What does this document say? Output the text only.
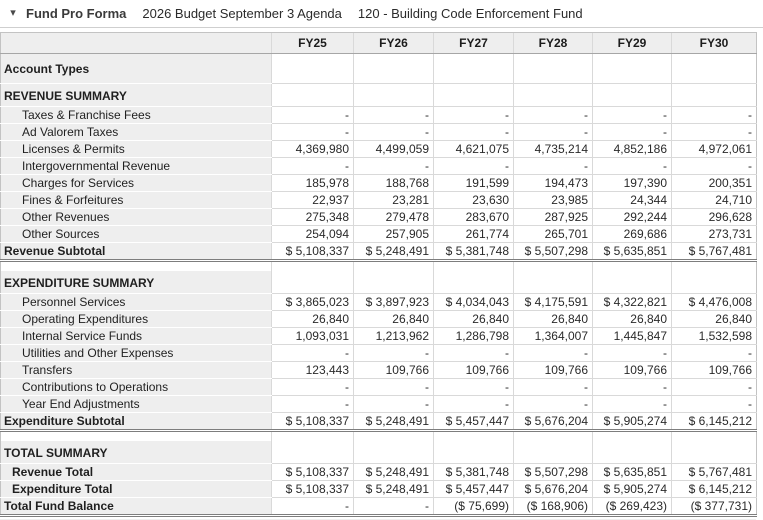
▾ Fund Pro Forma 2026 Budget September 3 Agenda 120 - Building Code Enforcement Fund
	FY25	FY26	FY27	FY28	FY29	FY30
Account Types						
REVENUE SUMMARY						
Taxes & Franchise Fees	-	-	-	-	-	-
Ad Valorem Taxes	-	-	-	-	-	-
Licenses & Permits	4,369,980	4,499,059	4,621,075	4,735,214	4,852,186	4,972,061
Intergovernmental Revenue	-	-	-	-	-	-
Charges for Services	185,978	188,768	191,599	194,473	197,390	200,351
Fines & Forfeitures	22,937	23,281	23,630	23,985	24,344	24,710
Other Revenues	275,348	279,478	283,670	287,925	292,244	296,628
Other Sources	254,094	257,905	261,774	265,701	269,686	273,731
Revenue Subtotal	$ 5,108,337	$ 5,248,491	$ 5,381,748	$ 5,507,298	$ 5,635,851	$ 5,767,481

EXPENDITURE SUMMARY						
Personnel Services	$ 3,865,023	$ 3,897,923	$ 4,034,043	$ 4,175,591	$ 4,322,821	$ 4,476,008
Operating Expenditures	26,840	26,840	26,840	26,840	26,840	26,840
Internal Service Funds	1,093,031	1,213,962	1,286,798	1,364,007	1,445,847	1,532,598
Utilities and Other Expenses	-	-	-	-	-	-
Transfers	123,443	109,766	109,766	109,766	109,766	109,766
Contributions to Operations	-	-	-	-	-	-
Year End Adjustments	-	-	-	-	-	-
Expenditure Subtotal	$ 5,108,337	$ 5,248,491	$ 5,457,447	$ 5,676,204	$ 5,905,274	$ 6,145,212

TOTAL SUMMARY						
Revenue Total	$ 5,108,337	$ 5,248,491	$ 5,381,748	$ 5,507,298	$ 5,635,851	$ 5,767,481
Expenditure Total	$ 5,108,337	$ 5,248,491	$ 5,457,447	$ 5,676,204	$ 5,905,274	$ 6,145,212
Total Fund Balance	-	-	($ 75,699)	($ 168,906)	($ 269,423)	($ 377,731)
